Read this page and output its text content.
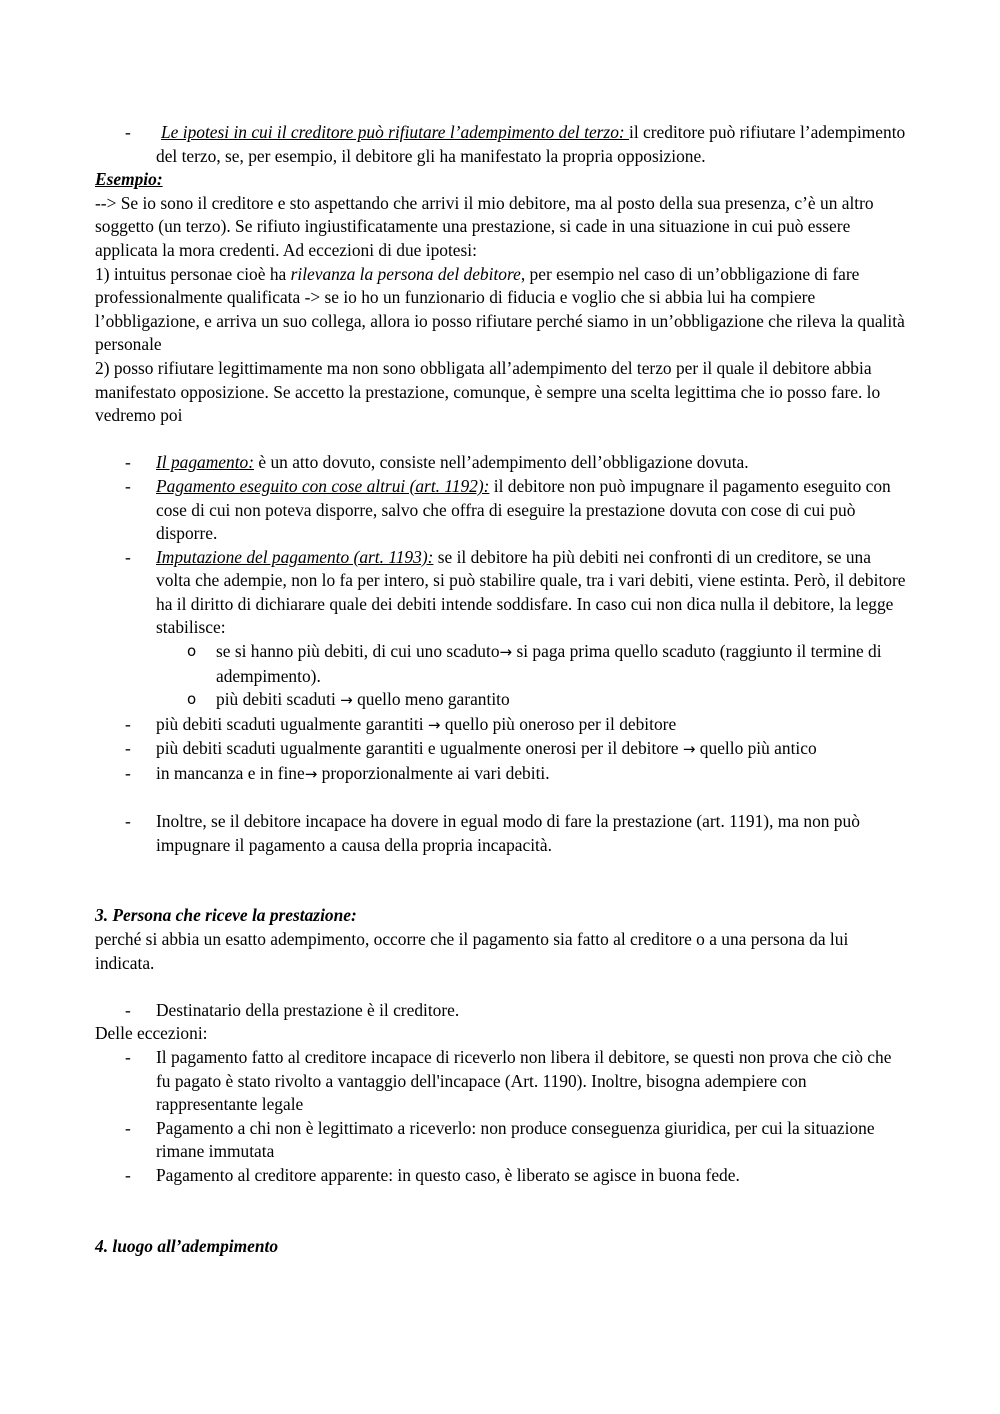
- Le ipotesi in cui il creditore può rifiutare l’adempimento del terzo: il creditore può rifiutare l’adempimento del terzo, se, per esempio, il debitore gli ha manifestato la propria opposizione.
Esempio:

--> Se io sono il creditore e sto aspettando che arrivi il mio debitore, ma al posto della sua presenza, c’è un altro soggetto (un terzo). Se rifiuto ingiustificatamente una prestazione, si cade in una situazione in cui può essere applicata la mora credenti. Ad eccezioni di due ipotesi:

1) intuitus personae cioè ha rilevanza la persona del debitore, per esempio nel caso di un’obbligazione di fare professionalmente qualificata -> se io ho un funzionario di fiducia e voglio che si abbia lui ha compiere l’obbligazione, e arriva un suo collega, allora io posso rifiutare perché siamo in un’obbligazione che rileva la qualità personale

2) posso rifiutare legittimamente ma non sono obbligata all’adempimento del terzo per il quale il debitore abbia manifestato opposizione. Se accetto la prestazione, comunque, è sempre una scelta legittima che io posso fare. lo vedremo poi

- Il pagamento: è un atto dovuto, consiste nell’adempimento dell’obbligazione dovuta.
- Pagamento eseguito con cose altrui (art. 1192): il debitore non può impugnare il pagamento eseguito con cose di cui non poteva disporre, salvo che offra di eseguire la prestazione dovuta con cose di cui può disporre.
- Imputazione del pagamento (art. 1193): se il debitore ha più debiti nei confronti di un creditore, se una volta che adempie, non lo fa per intero, si può stabilire quale, tra i vari debiti, viene estinta. Però, il debitore ha il diritto di dichiarare quale dei debiti intende soddisfare. In caso cui non dica nulla il debitore, la legge stabilisce:
o se si hanno più debiti, di cui uno scaduto→ si paga prima quello scaduto (raggiunto il termine di adempimento).
o più debiti scaduti → quello meno garantito
- più debiti scaduti ugualmente garantiti → quello più oneroso per il debitore
- più debiti scaduti ugualmente garantiti e ugualmente onerosi per il debitore → quello più antico
- in mancanza e in fine→ proporzionalmente ai vari debiti.
- Inoltre, se il debitore incapace ha dovere in egual modo di fare la prestazione (art. 1191), ma non può impugnare il pagamento a causa della propria incapacità.
3. Persona che riceve la prestazione:

perché si abbia un esatto adempimento, occorre che il pagamento sia fatto al creditore o a una persona da lui indicata.

- Destinatario della prestazione è il creditore.
Delle eccezioni:
- Il pagamento fatto al creditore incapace di riceverlo non libera il debitore, se questi non prova che ciò che fu pagato è stato rivolto a vantaggio dell'incapace (Art. 1190). Inoltre, bisogna adempiere con rappresentante legale
- Pagamento a chi non è legittimato a riceverlo: non produce conseguenza giuridica, per cui la situazione rimane immutata
- Pagamento al creditore apparente: in questo caso, è liberato se agisce in buona fede.
4. luogo all’adempimento
